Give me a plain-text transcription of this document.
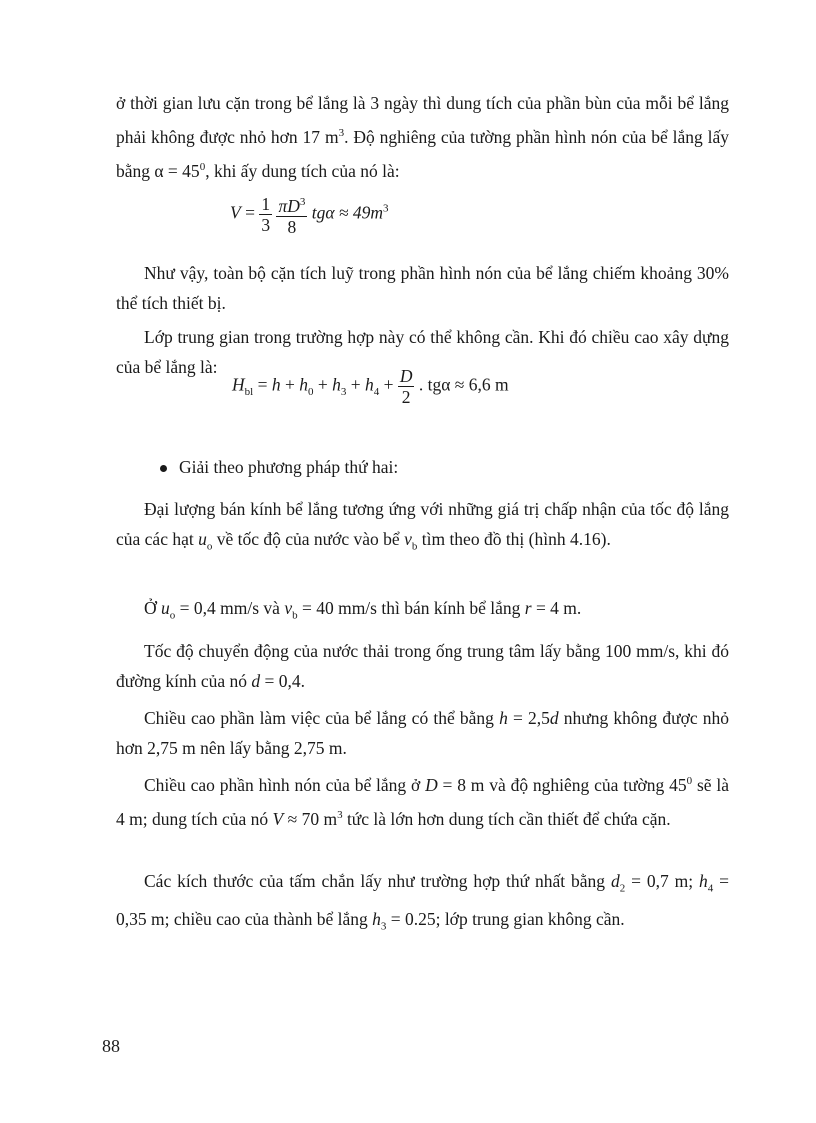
ở thời gian lưu cặn trong bể lắng là 3 ngày thì dung tích của phần bùn của mỗi bể lắng phải không được nhỏ hơn 17 $m^3$. Độ nghiêng của tường phần hình nón của bể lắng lấy bằng $\alpha = 45^0$, khi ấy dung tích của nó là:

$V = \frac{1}{3}$
$\frac{\pi D^3}{8}$ $tg\alpha \approx 49m^3$

Như vậy, toàn bộ cặn tích luỹ trong phần hình nón của bể lắng chiếm khoảng 30% thể tích thiết bị.

Lớp trung gian trong trường hợp này có thể không cần. Khi đó chiều cao xây dựng của bể lắng là:

$H_{bl} = h + h_0 + h_3 + h_4 + \frac{D}{2}$ . tgα ≈ 6,6 m

Giải theo phương pháp thứ hai:

Đại lượng bán kính bể lắng tương ứng với những giá trị chấp nhận của tốc độ lắng của các hạt $u_o$ về tốc độ của nước vào bể $v_b$ tìm theo đồ thị (hình 4.16).

Ở $u_o = 0,4$ mm/s và $v_b = 40$ mm/s thì bán kính bể lắng r = 4 m.

Tốc độ chuyển động của nước thải trong ống trung tâm lấy bằng 100 mm/s, khi đó đường kính của nó d = 0,4.

Chiều cao phần làm việc của bể lắng có thể bằng h = 2,5d nhưng không được nhỏ hơn 2,75 m nên lấy bằng 2,75 m.

Chiều cao phần hình nón của bể lắng ở D = 8 m và độ nghiêng của tường $45^0$ sẽ là 4 m; dung tích của nó V ≈ 70 $m^3$ tức là lớn hơn dung tích cần thiết để chứa cặn.

Các kích thước của tấm chắn lấy như trường hợp thứ nhất bằng $d_2 = 0,7$ m; $h_4 = 0,35$ m; chiều cao của thành bể lắng $h_3 = 0.25$; lớp trung gian không cần.

88
